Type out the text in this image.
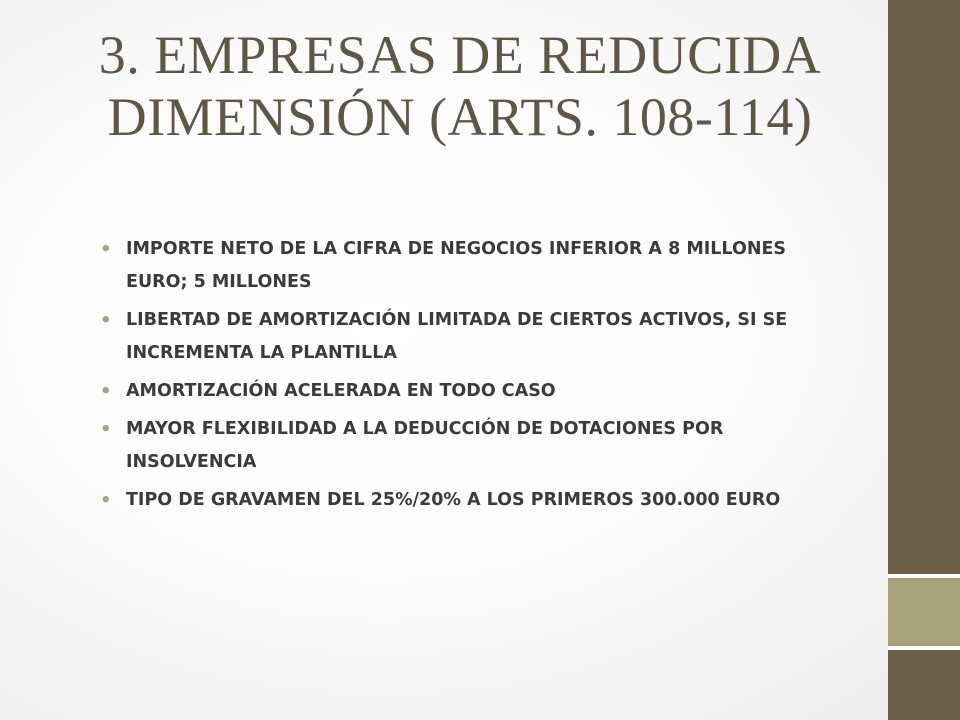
3. EMPRESAS DE REDUCIDA
DIMENSIÓN (ARTS. 108-114)
• IMPORTE NETO DE LA CIFRA DE NEGOCIOS INFERIOR A 8 MILLONES EURO; 5 MILLONES
• LIBERTAD DE AMORTIZACIÓN LIMITADA DE CIERTOS ACTIVOS, SI SE INCREMENTA LA PLANTILLA
• AMORTIZACIÓN ACELERADA EN TODO CASO
• MAYOR FLEXIBILIDAD A LA DEDUCCIÓN DE DOTACIONES POR INSOLVENCIA
• TIPO DE GRAVAMEN DEL 25%/20% A LOS PRIMEROS 300.000 EURO
